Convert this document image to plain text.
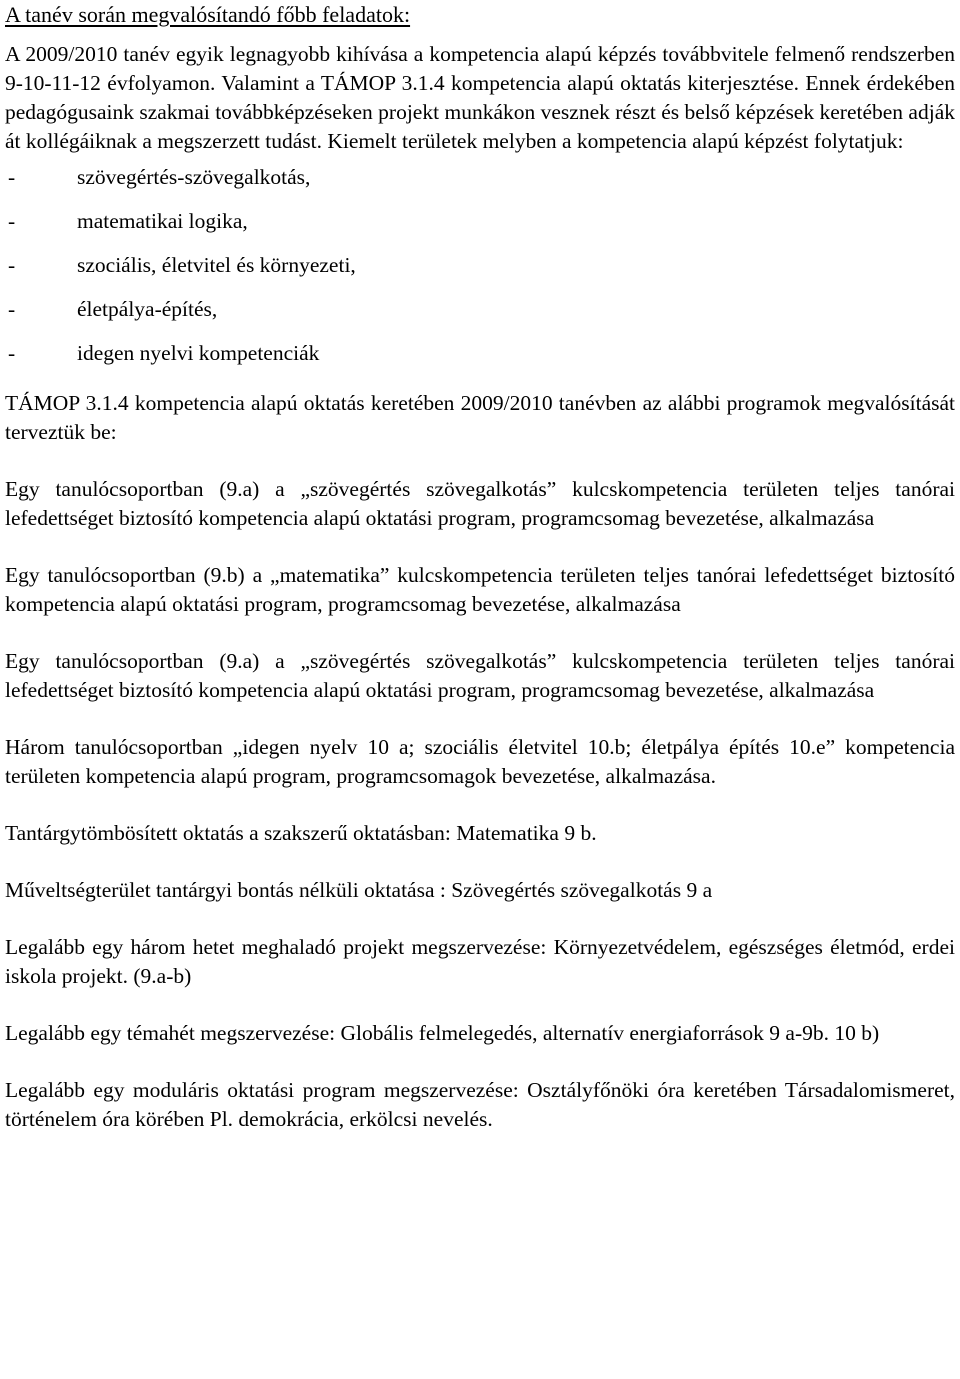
A tanév során megvalósítandó főbb feladatok:

A 2009/2010 tanév egyik legnagyobb kihívása a kompetencia alapú képzés továbbvitele felmenő rendszerben 9-10-11-12 évfolyamon. Valamint a TÁMOP 3.1.4 kompetencia alapú oktatás kiterjesztése. Ennek érdekében pedagógusaink szakmai továbbképzéseken projekt munkákon vesznek részt és belső képzések keretében adják át kollégáiknak a megszerzett tudást. Kiemelt területek melyben a kompetencia alapú képzést folytatjuk:

-	szövegértés-szövegalkotás,
-	matematikai logika,
-	szociális, életvitel és környezeti,
-	életpálya-építés,
-	idegen nyelvi kompetenciák

TÁMOP 3.1.4 kompetencia alapú oktatás keretében 2009/2010 tanévben az alábbi programok megvalósítását terveztük be:

Egy tanulócsoportban (9.a) a „szövegértés szövegalkotás” kulcskompetencia területen teljes tanórai lefedettséget biztosító kompetencia alapú oktatási program, programcsomag bevezetése, alkalmazása

Egy tanulócsoportban (9.b) a „matematika” kulcskompetencia területen teljes tanórai lefedettséget biztosító kompetencia alapú oktatási program, programcsomag bevezetése, alkalmazása

Egy tanulócsoportban (9.a) a „szövegértés szövegalkotás” kulcskompetencia területen teljes tanórai lefedettséget biztosító kompetencia alapú oktatási program, programcsomag bevezetése, alkalmazása

Három tanulócsoportban „idegen nyelv 10 a; szociális életvitel 10.b; életpálya építés 10.e” kompetencia területen kompetencia alapú program, programcsomagok bevezetése, alkalmazása.

Tantárgytömbösített oktatás a szakszerű oktatásban: Matematika 9 b.

Műveltségterület tantárgyi bontás nélküli oktatása : Szövegértés szövegalkotás 9 a

Legalább egy három hetet meghaladó projekt megszervezése: Környezetvédelem, egészséges életmód, erdei iskola projekt. (9.a-b)

Legalább egy témahét megszervezése: Globális felmelegedés, alternatív energiaforrások 9 a-9b. 10 b)

Legalább egy moduláris oktatási program megszervezése: Osztályfőnöki óra keretében Társadalomismeret, történelem óra körében Pl. demokrácia, erkölcsi nevelés.
